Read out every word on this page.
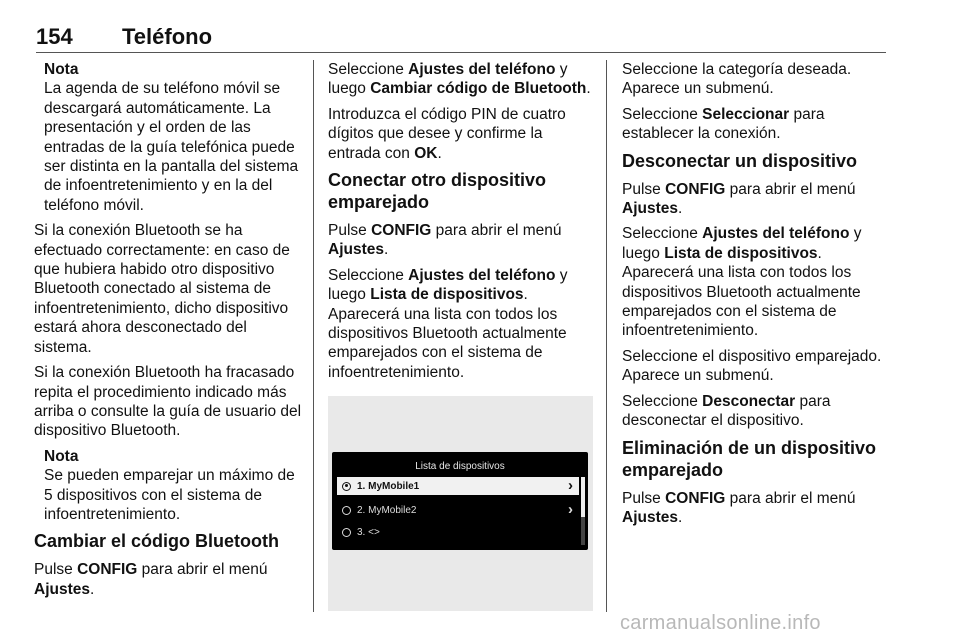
154 Teléfono
Nota
La agenda de su teléfono móvil se descargará automáticamente. La presentación y el orden de las entradas de la guía telefónica puede ser distinta en la pantalla del sistema de infoentretenimiento y en la del teléfono móvil.

Si la conexión Bluetooth se ha efectuado correctamente: en caso de que hubiera habido otro dispositivo Bluetooth conectado al sistema de infoentretenimiento, dicho dispositivo estará ahora desconectado del sistema.

Si la conexión Bluetooth ha fracasado repita el procedimiento indicado más arriba o consulte la guía de usuario del dispositivo Bluetooth.

Nota
Se pueden emparejar un máximo de 5 dispositivos con el sistema de infoentretenimiento.
Cambiar el código Bluetooth

Pulse CONFIG para abrir el menú Ajustes.

Seleccione Ajustes del teléfono y luego Cambiar código de Bluetooth.

Introduzca el código PIN de cuatro dígitos que desee y confirme la entrada con OK.

Conectar otro dispositivo emparejado

Pulse CONFIG para abrir el menú Ajustes.

Seleccione Ajustes del teléfono y luego Lista de dispositivos. Aparecerá una lista con todos los dispositivos Bluetooth actualmente emparejados con el sistema de infoentretenimiento.

Lista de dispositivos
1. MyMobile1	›
2. MyMobile2	›
3. <>

Seleccione la categoría deseada. Aparece un submenú.

Seleccione Seleccionar para establecer la conexión.

Desconectar un dispositivo

Pulse CONFIG para abrir el menú Ajustes.

Seleccione Ajustes del teléfono y luego Lista de dispositivos. Aparecerá una lista con todos los dispositivos Bluetooth actualmente emparejados con el sistema de infoentretenimiento.

Seleccione el dispositivo emparejado. Aparece un submenú.

Seleccione Desconectar para desconectar el dispositivo.

Eliminación de un dispositivo emparejado

Pulse CONFIG para abrir el menú Ajustes.

carmanualsonline.info
